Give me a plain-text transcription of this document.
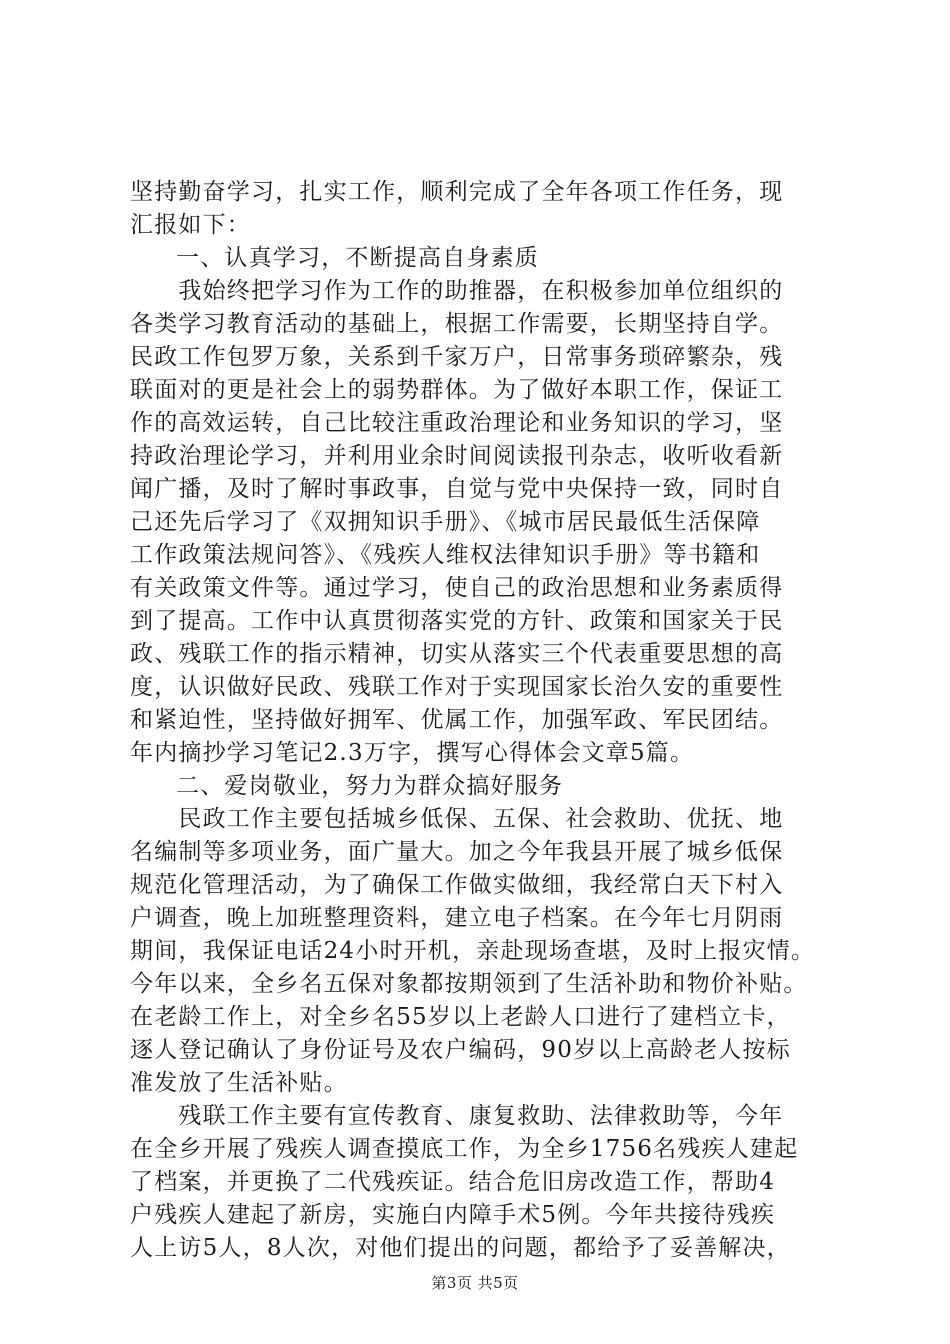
坚持勤奋学习，扎实工作，顺利完成了全年各项工作任务，现
汇报如下：
一、认真学习，不断提高自身素质
　　我始终把学习作为工作的助推器，在积极参加单位组织的
各类学习教育活动的基础上，根据工作需要，长期坚持自学。
民政工作包罗万象，关系到千家万户，日常事务琐碎繁杂，残
联面对的更是社会上的弱势群体。为了做好本职工作，保证工
作的高效运转，自己比较注重政治理论和业务知识的学习，坚
持政治理论学习，并利用业余时间阅读报刊杂志，收听收看新
闻广播，及时了解时事政事，自觉与党中央保持一致，同时自
己还先后学习了《双拥知识手册》、《城市居民最低生活保障
工作政策法规问答》、《残疾人维权法律知识手册》等书籍和
有关政策文件等。通过学习，使自己的政治思想和业务素质得
到了提高。工作中认真贯彻落实党的方针、政策和国家关于民
政、残联工作的指示精神，切实从落实三个代表重要思想的高
度，认识做好民政、残联工作对于实现国家长治久安的重要性
和紧迫性，坚持做好拥军、优属工作，加强军政、军民团结。
年内摘抄学习笔记2.3万字，撰写心得体会文章5篇。
二、爱岗敬业，努力为群众搞好服务
　　民政工作主要包括城乡低保、五保、社会救助、优抚、地
名编制等多项业务，面广量大。加之今年我县开展了城乡低保
规范化管理活动，为了确保工作做实做细，我经常白天下村入
户调查，晚上加班整理资料，建立电子档案。在今年七月阴雨
期间，我保证电话24小时开机，亲赴现场查堪，及时上报灾情。
今年以来，全乡名五保对象都按期领到了生活补助和物价补贴。
在老龄工作上，对全乡名55岁以上老龄人口进行了建档立卡，
逐人登记确认了身份证号及农户编码，90岁以上高龄老人按标
准发放了生活补贴。
　　残联工作主要有宣传教育、康复救助、法律救助等，今年
在全乡开展了残疾人调查摸底工作，为全乡1756名残疾人建起
了档案，并更换了二代残疾证。结合危旧房改造工作，帮助4
户残疾人建起了新房，实施白内障手术5例。今年共接待残疾
人上访5人，8人次，对他们提出的问题，都给予了妥善解决，
第3页 共5页
